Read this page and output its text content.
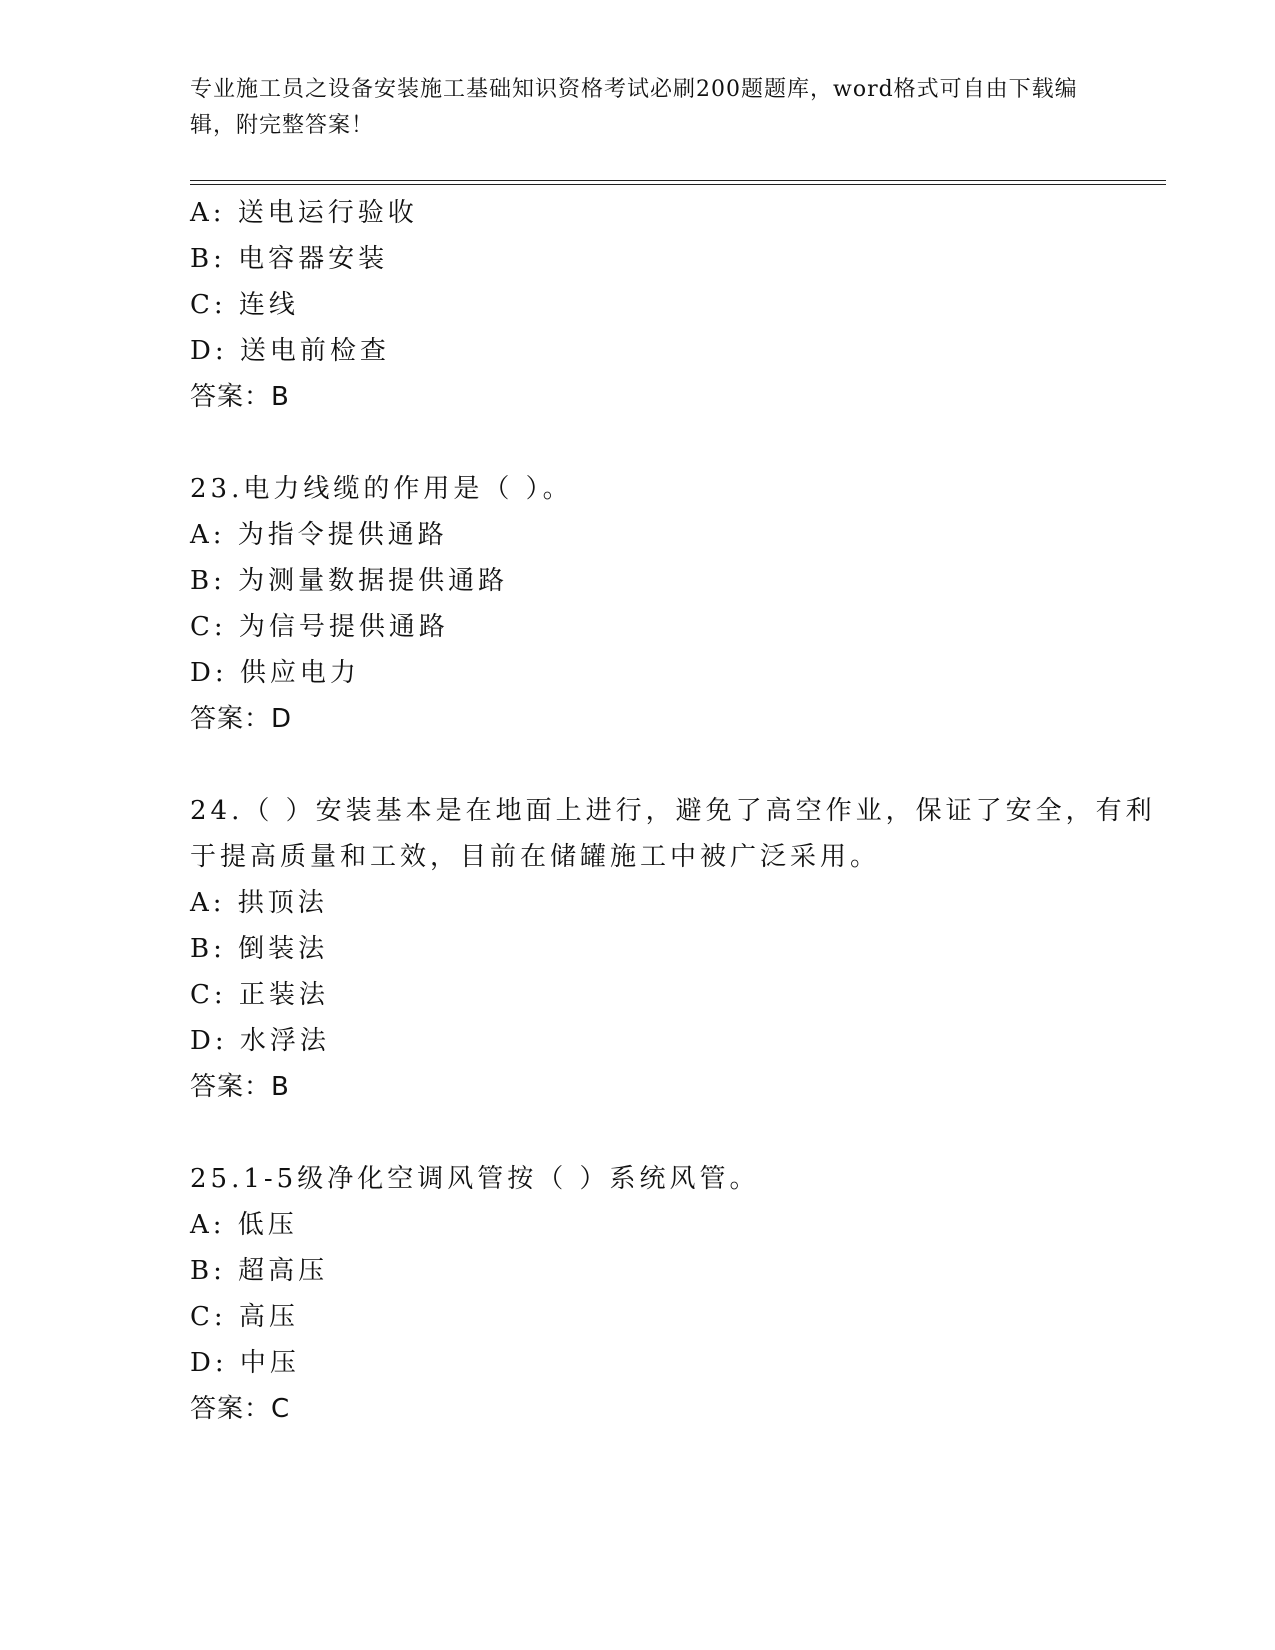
专业施工员之设备安装施工基础知识资格考试必刷200题题库，word格式可自由下载编辑，附完整答案！
A: 送电运行验收
B: 电容器安装
C: 连线
D: 送电前检查
答案：B
23.电力线缆的作用是（ ）。
A: 为指令提供通路
B: 为测量数据提供通路
C: 为信号提供通路
D: 供应电力
答案：D
24.（ ）安装基本是在地面上进行，避免了高空作业，保证了安全，有利于提高质量和工效，目前在储罐施工中被广泛采用。
A: 拱顶法
B: 倒装法
C: 正装法
D: 水浮法
答案：B
25.1-5级净化空调风管按（ ）系统风管。
A: 低压
B: 超高压
C: 高压
D: 中压
答案：C
